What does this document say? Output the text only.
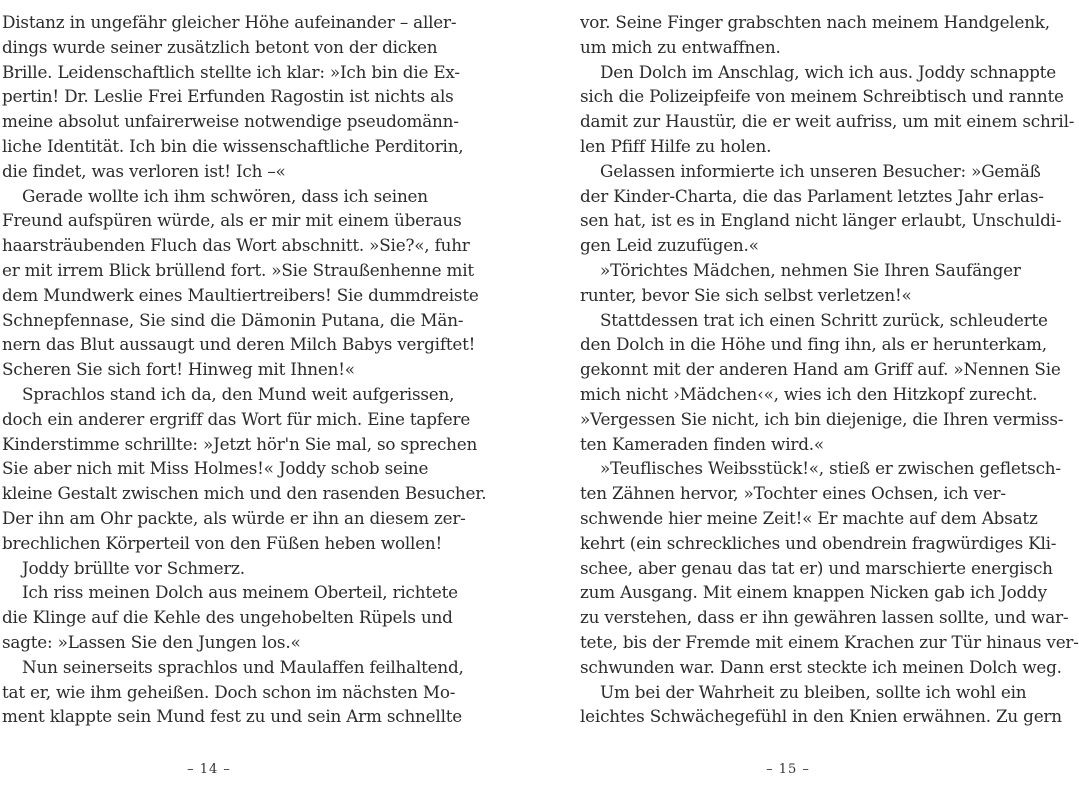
Distanz in ungefähr gleicher Höhe aufeinander – aller-
dings wurde seiner zusätzlich betont von der dicken
Brille. Leidenschaftlich stellte ich klar: »Ich bin die Ex-
pertin! Dr. Leslie Frei Erfunden Ragostin ist nichts als
meine absolut unfairerweise notwendige pseudomänn-
liche Identität. Ich bin die wissenschaftliche Perditorin,
die findet, was verloren ist! Ich –«
Gerade wollte ich ihm schwören, dass ich seinen
Freund aufspüren würde, als er mir mit einem überaus
haarsträubenden Fluch das Wort abschnitt. »Sie?«, fuhr
er mit irrem Blick brüllend fort. »Sie Straußenhenne mit
dem Mundwerk eines Maultiertreibers! Sie dummdreiste
Schnepfennase, Sie sind die Dämonin Putana, die Män-
nern das Blut aussaugt und deren Milch Babys vergiftet!
Scheren Sie sich fort! Hinweg mit Ihnen!«
Sprachlos stand ich da, den Mund weit aufgerissen,
doch ein anderer ergriff das Wort für mich. Eine tapfere
Kinderstimme schrillte: »Jetzt hör'n Sie mal, so sprechen
Sie aber nich mit Miss Holmes!« Joddy schob seine
kleine Gestalt zwischen mich und den rasenden Besucher.
Der ihn am Ohr packte, als würde er ihn an diesem zer-
brechlichen Körperteil von den Füßen heben wollen!
Joddy brüllte vor Schmerz.
Ich riss meinen Dolch aus meinem Oberteil, richtete
die Klinge auf die Kehle des ungehobelten Rüpels und
sagte: »Lassen Sie den Jungen los.«
Nun seinerseits sprachlos und Maulaffen feilhaltend,
tat er, wie ihm geheißen. Doch schon im nächsten Mo-
ment klappte sein Mund fest zu und sein Arm schnellte
– 14 –
vor. Seine Finger grabschten nach meinem Handgelenk,
um mich zu entwaffnen.
Den Dolch im Anschlag, wich ich aus. Joddy schnappte
sich die Polizeipfeife von meinem Schreibtisch und rannte
damit zur Haustür, die er weit aufriss, um mit einem schril-
len Pfiff Hilfe zu holen.
Gelassen informierte ich unseren Besucher: »Gemäß
der Kinder-Charta, die das Parlament letztes Jahr erlas-
sen hat, ist es in England nicht länger erlaubt, Unschuldi-
gen Leid zuzufügen.«
»Törichtes Mädchen, nehmen Sie Ihren Saufänger
runter, bevor Sie sich selbst verletzen!«
Stattdessen trat ich einen Schritt zurück, schleuderte
den Dolch in die Höhe und fing ihn, als er herunterkam,
gekonnt mit der anderen Hand am Griff auf. »Nennen Sie
mich nicht ›Mädchen‹«, wies ich den Hitzkopf zurecht.
»Vergessen Sie nicht, ich bin diejenige, die Ihren vermiss-
ten Kameraden finden wird.«
»Teuflisches Weibsstück!«, stieß er zwischen gefletsch-
ten Zähnen hervor, »Tochter eines Ochsen, ich ver-
schwende hier meine Zeit!« Er machte auf dem Absatz
kehrt (ein schreckliches und obendrein fragwürdiges Kli-
schee, aber genau das tat er) und marschierte energisch
zum Ausgang. Mit einem knappen Nicken gab ich Joddy
zu verstehen, dass er ihn gewähren lassen sollte, und war-
tete, bis der Fremde mit einem Krachen zur Tür hinaus ver-
schwunden war. Dann erst steckte ich meinen Dolch weg.
Um bei der Wahrheit zu bleiben, sollte ich wohl ein
leichtes Schwächegefühl in den Knien erwähnen. Zu gern
– 15 –
